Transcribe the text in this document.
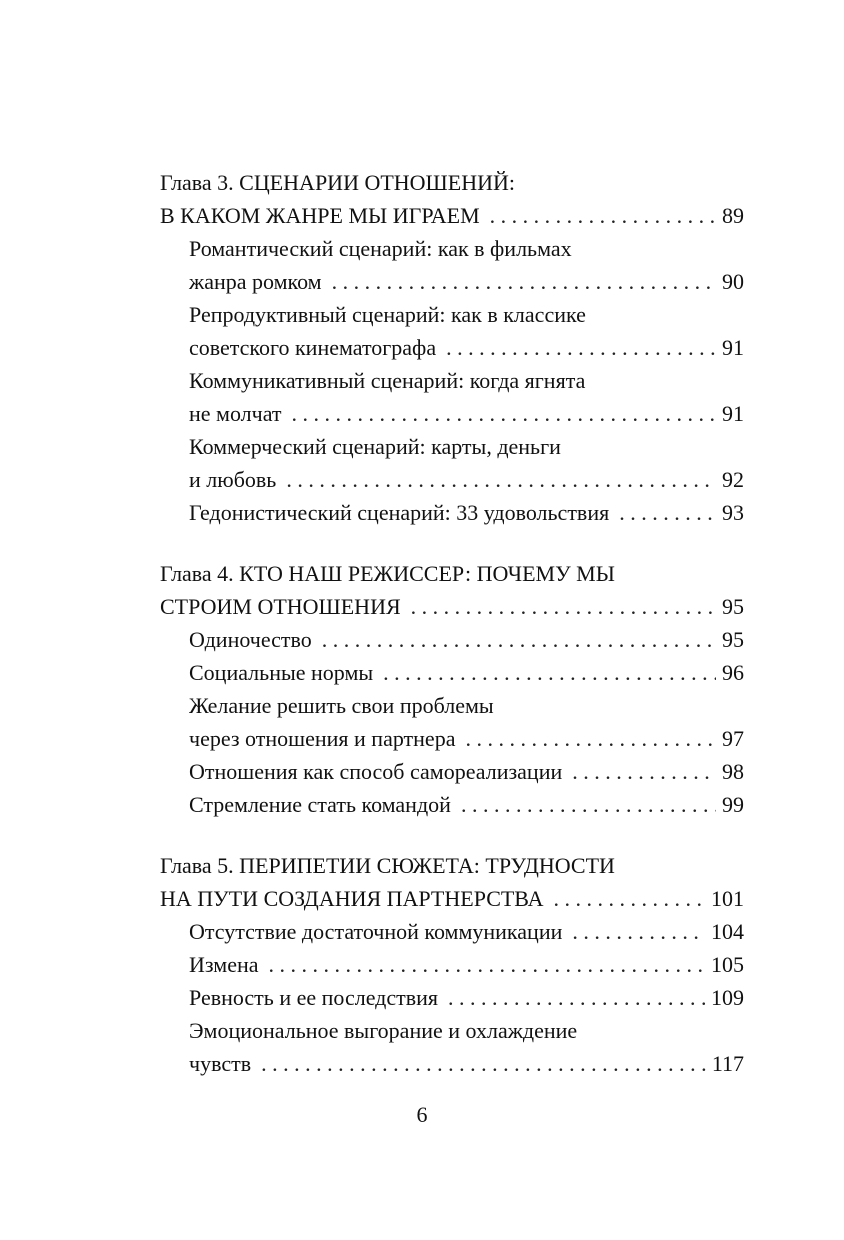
Глава 3. СЦЕНАРИИ ОТНОШЕНИЙ:
В КАКОМ ЖАНРЕ МЫ ИГРАЕМ . . .	89
Романтический сценарий: как в фильмах
жанра ромком . . .	90
Репродуктивный сценарий: как в классике
советского кинематографа . . .	91
Коммуникативный сценарий: когда ягнята
не молчат . . .	91
Коммерческий сценарий: карты, деньги
и любовь . . .	92
Гедонистический сценарий: 33 удовольствия . . .	93
Глава 4. КТО НАШ РЕЖИССЕР: ПОЧЕМУ МЫ
СТРОИМ ОТНОШЕНИЯ . . .	95
Одиночество . . .	95
Социальные нормы . . .	96
Желание решить свои проблемы
через отношения и партнера . . .	97
Отношения как способ самореализации . . .	98
Стремление стать командой . . .	99
Глава 5. ПЕРИПЕТИИ СЮЖЕТА: ТРУДНОСТИ
НА ПУТИ СОЗДАНИЯ ПАРТНЕРСТВА . . .	101
Отсутствие достаточной коммуникации . . .	104
Измена . . .	105
Ревность и ее последствия . . .	109
Эмоциональное выгорание и охлаждение
чувств . . .	117
6
